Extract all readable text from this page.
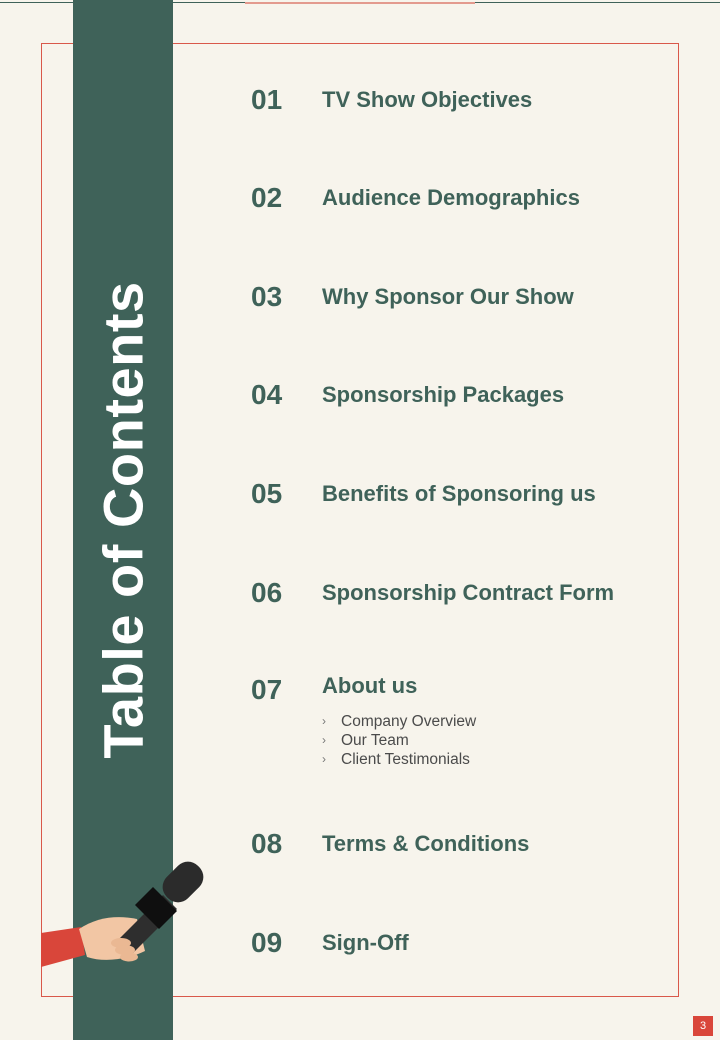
Table of Contents
01 TV Show Objectives
02 Audience Demographics
03 Why Sponsor Our Show
04 Sponsorship Packages
05 Benefits of Sponsoring us
06 Sponsorship Contract Form
07 About us
› Company Overview
› Our Team
› Client Testimonials
08 Terms & Conditions
09 Sign-Off
3
